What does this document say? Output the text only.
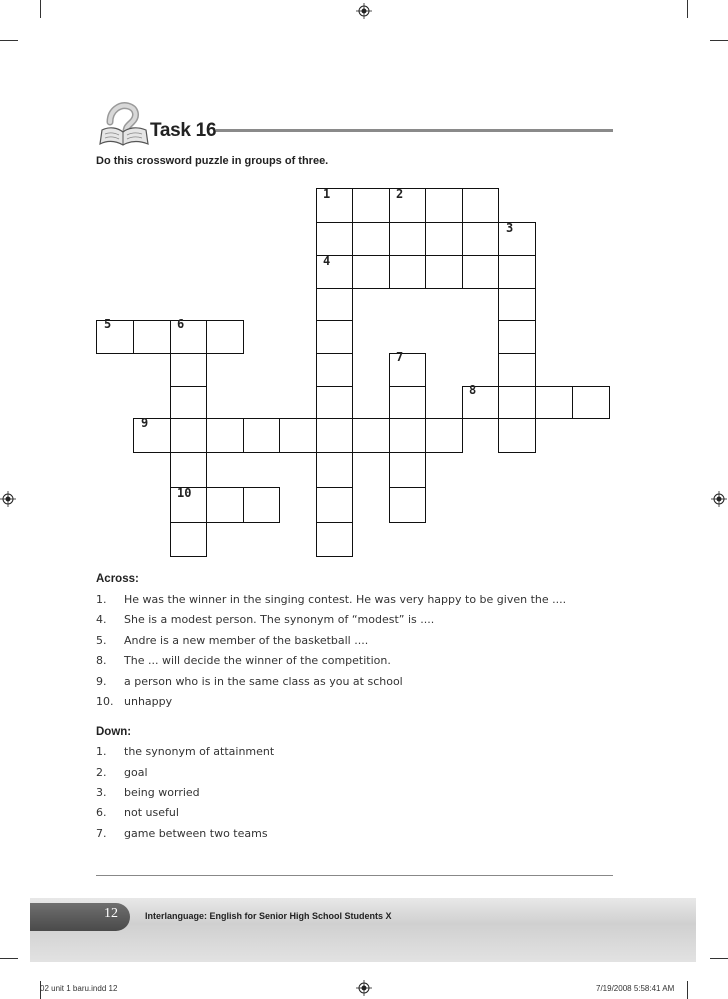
Task 16
Do this crossword puzzle in groups of three.
1	2
3
4
5	6
7
8
9
10
Across:
1. He was the winner in the singing contest. He was very happy to be given the ....
4. She is a modest person. The synonym of “modest” is ....
5. Andre is a new member of the basketball ....
8. The ... will decide the winner of the competition.
9. a person who is in the same class as you at school
10. unhappy
Down:
1. the synonym of attainment
2. goal
3. being worried
6. not useful
7. game between two teams
12	Interlanguage: English for Senior High School Students X
02 unit 1 baru.indd 12	7/19/2008 5:58:41 AM
